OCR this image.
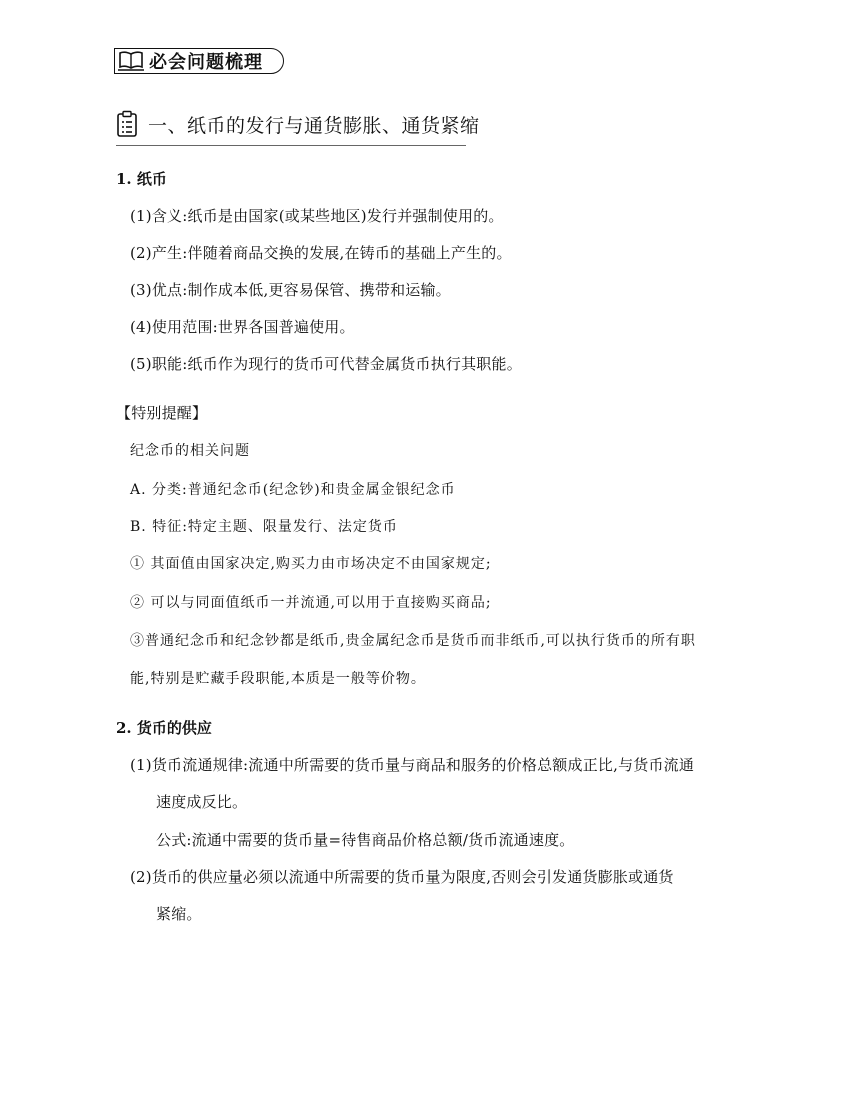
必会问题梳理
一、纸币的发行与通货膨胀、通货紧缩
1. 纸币
(1)含义:纸币是由国家(或某些地区)发行并强制使用的。
(2)产生:伴随着商品交换的发展,在铸币的基础上产生的。
(3)优点:制作成本低,更容易保管、携带和运输。
(4)使用范围:世界各国普遍使用。
(5)职能:纸币作为现行的货币可代替金属货币执行其职能。
【特别提醒】
纪念币的相关问题
A. 分类:普通纪念币(纪念钞)和贵金属金银纪念币
B. 特征:特定主题、限量发行、法定货币
① 其面值由国家决定,购买力由市场决定不由国家规定;
② 可以与同面值纸币一并流通,可以用于直接购买商品;
③普通纪念币和纪念钞都是纸币,贵金属纪念币是货币而非纸币,可以执行货币的所有职
能,特别是贮藏手段职能,本质是一般等价物。
2. 货币的供应
(1)货币流通规律:流通中所需要的货币量与商品和服务的价格总额成正比,与货币流通
速度成反比。
公式:流通中需要的货币量=待售商品价格总额/货币流通速度。
(2)货币的供应量必须以流通中所需要的货币量为限度,否则会引发通货膨胀或通货
紧缩。
